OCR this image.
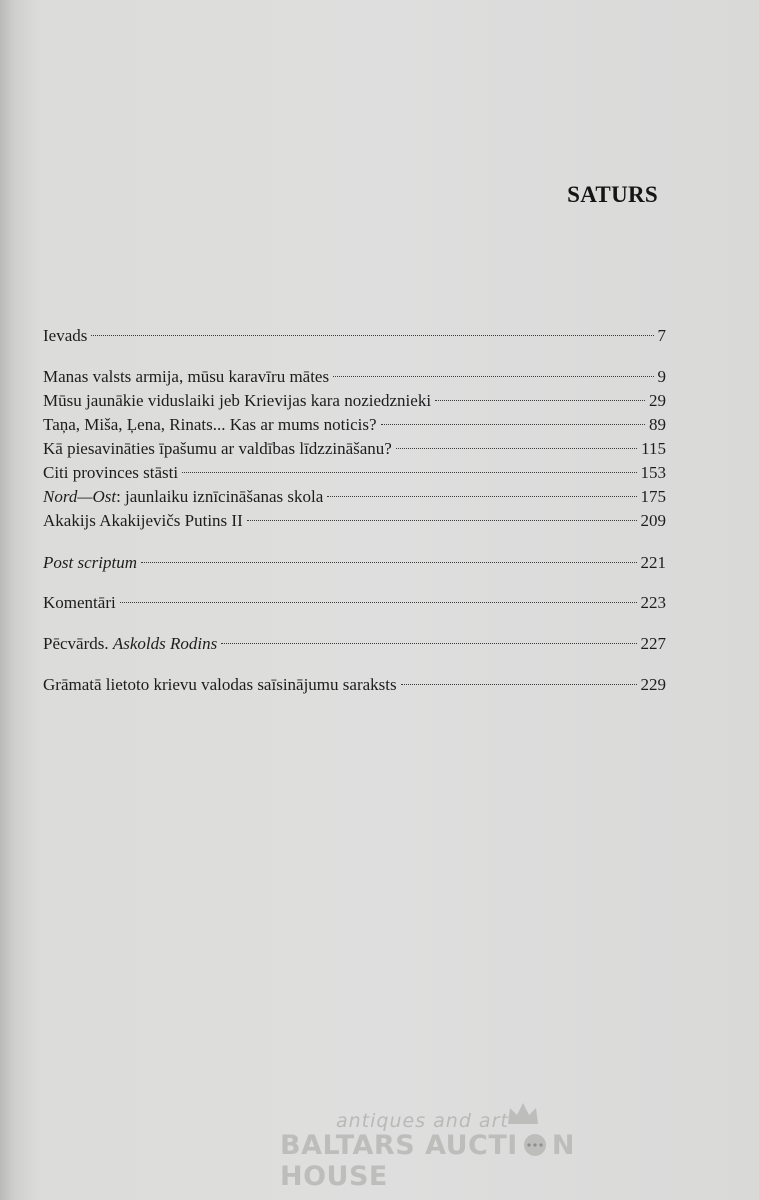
SATURS
Ievads	7
Manas valsts armija, mūsu karavīru mātes	9
Mūsu jaunākie viduslaiki jeb Krievijas kara noziedznieki	29
Taņa, Miša, Ļena, Rinats... Kas ar mums noticis?	89
Kā piesavināties īpašumu ar valdības līdzzināšanu?	115
Citi provinces stāsti	153
Nord—Ost: jaunlaiku iznīcināšanas skola	175
Akakijs Akakijevičs Putins II	209
Post scriptum	221
Komentāri	223
Pēcvārds. Askolds Rodins	227
Grāmatā lietoto krievu valodas saīsinājumu saraksts	229
antiques and art
BALTARS AUCTI N HOUSE
